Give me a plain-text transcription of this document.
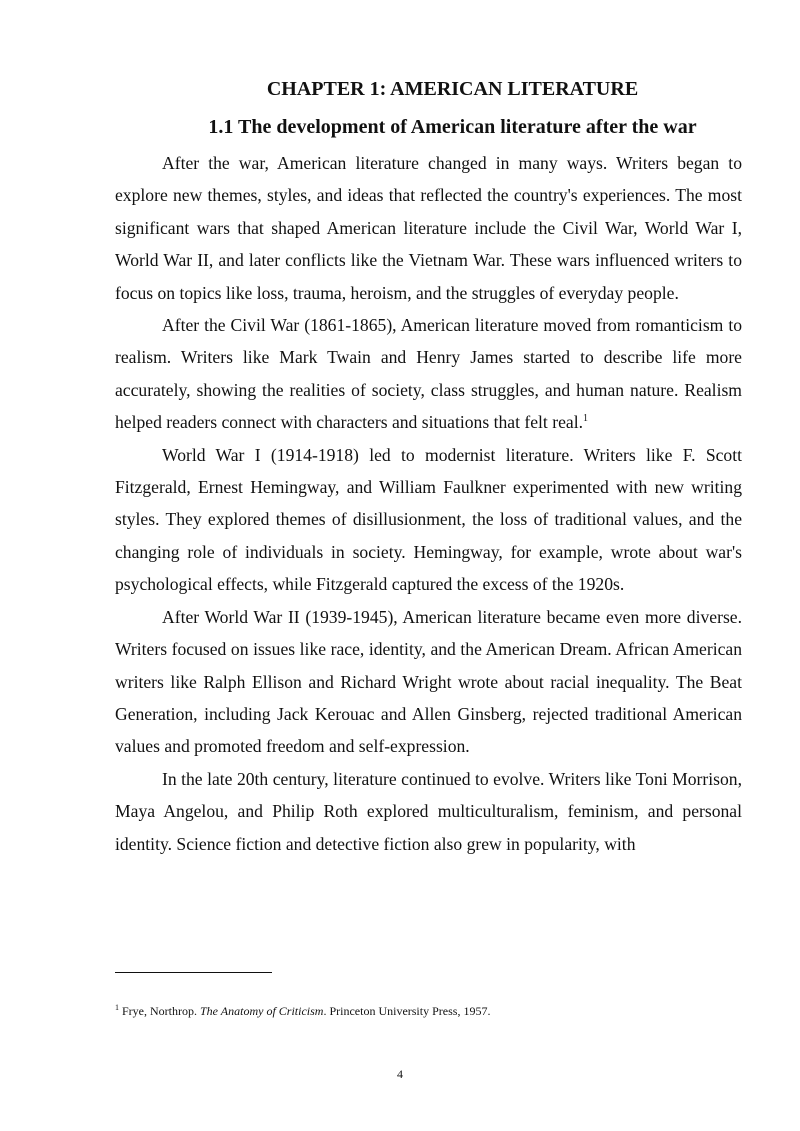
CHAPTER 1: AMERICAN LITERATURE
1.1 The development of American literature after the war

After the war, American literature changed in many ways. Writers began to explore new themes, styles, and ideas that reflected the country's experiences. The most significant wars that shaped American literature include the Civil War, World War I, World War II, and later conflicts like the Vietnam War. These wars influenced writers to focus on topics like loss, trauma, heroism, and the struggles of everyday people.

After the Civil War (1861-1865), American literature moved from romanticism to realism. Writers like Mark Twain and Henry James started to describe life more accurately, showing the realities of society, class struggles, and human nature. Realism helped readers connect with characters and situations that felt real.$^1$

World War I (1914-1918) led to modernist literature. Writers like F. Scott Fitzgerald, Ernest Hemingway, and William Faulkner experimented with new writing styles. They explored themes of disillusionment, the loss of traditional values, and the changing role of individuals in society. Hemingway, for example, wrote about war's psychological effects, while Fitzgerald captured the excess of the 1920s.

After World War II (1939-1945), American literature became even more diverse. Writers focused on issues like race, identity, and the American Dream. African American writers like Ralph Ellison and Richard Wright wrote about racial inequality. The Beat Generation, including Jack Kerouac and Allen Ginsberg, rejected traditional American values and promoted freedom and self-expression.

In the late 20th century, literature continued to evolve. Writers like Toni Morrison, Maya Angelou, and Philip Roth explored multiculturalism, feminism, and personal identity. Science fiction and detective fiction also grew in popularity, with

$^1$ Frye, Northrop. The Anatomy of Criticism. Princeton University Press, 1957.
4
